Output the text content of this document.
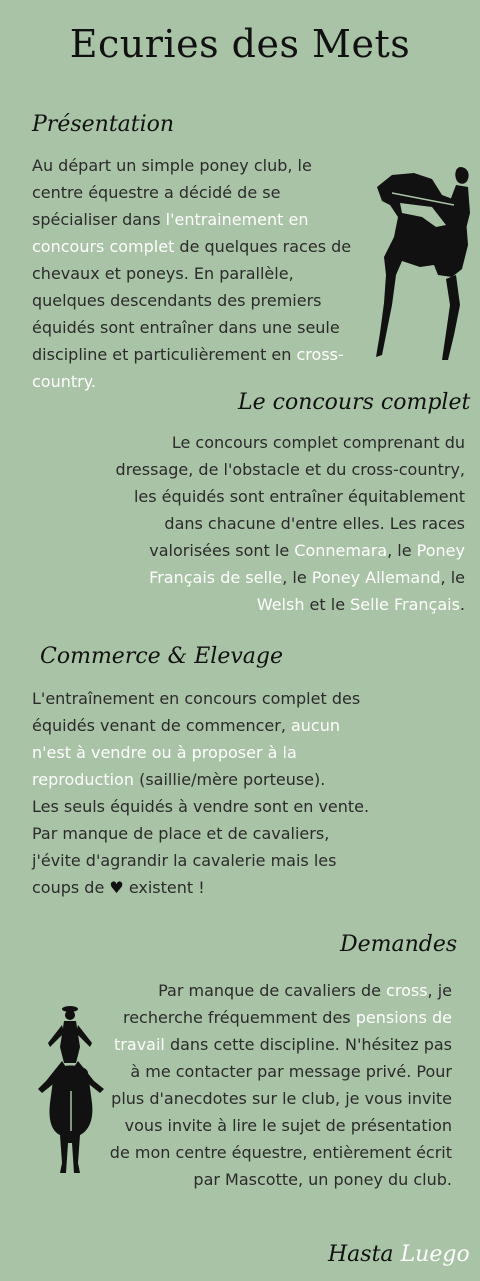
Ecuries des Mets
Présentation

Au départ un simple poney club, le centre équestre a décidé de se spécialiser dans l'entrainement en concours complet de quelques races de chevaux et poneys. En parallèle, quelques descendants des premiers équidés sont entraîner dans une seule discipline et particulièrement en cross-country.

Le concours complet

Le concours complet comprenant du dressage, de l'obstacle et du cross-country, les équidés sont entraîner équitablement dans chacune d'entre elles. Les races valorisées sont le Connemara, le Poney Français de selle, le Poney Allemand, le Welsh et le Selle Français.

Commerce & Elevage

L'entraînement en concours complet des équidés venant de commencer, aucun n'est à vendre ou à proposer à la reproduction (saillie/mère porteuse).

Les seuls équidés à vendre sont en vente.

Par manque de place et de cavaliers, j'évite d'agrandir la cavalerie mais les coups de ♥ existent !

Demandes

Par manque de cavaliers de cross, je recherche fréquemment des pensions de travail dans cette discipline. N'hésitez pas à me contacter par message privé. Pour plus d'anecdotes sur le club, je vous invite vous invite à lire le sujet de présentation de mon centre équestre, entièrement écrit par Mascotte, un poney du club.

Hasta Luego
